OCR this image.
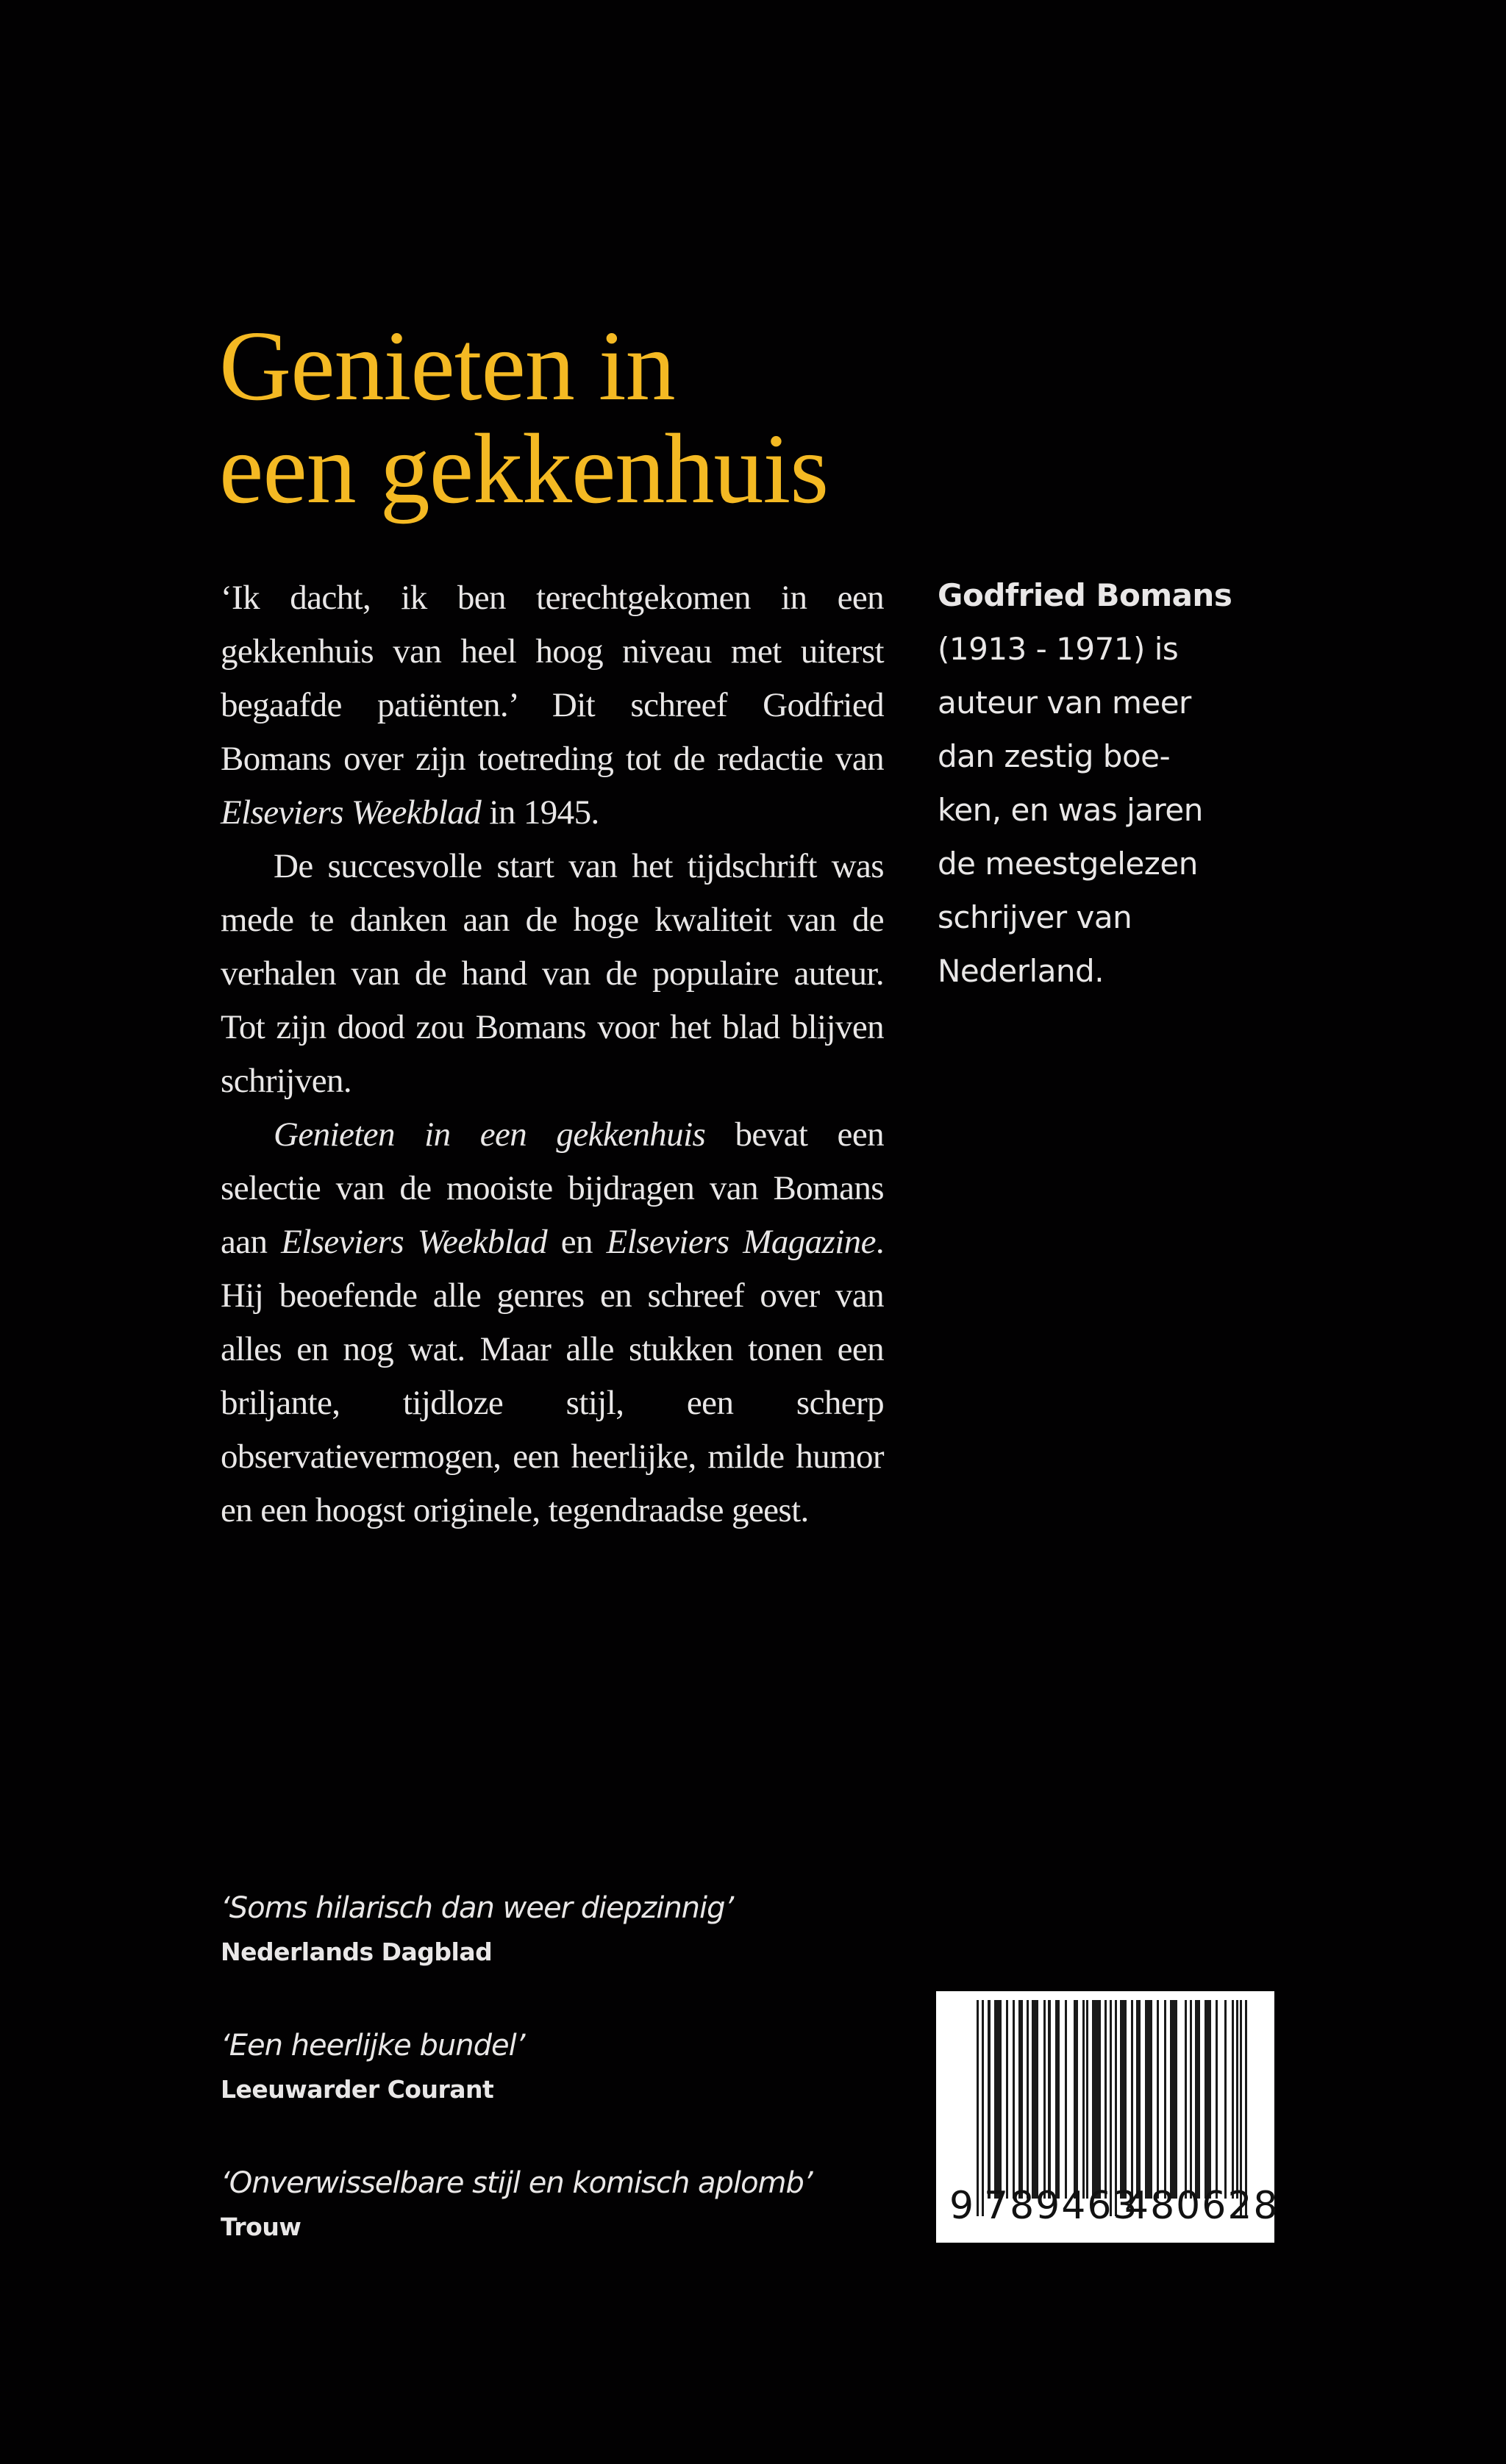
Genieten in
een gekkenhuis

‘Ik dacht, ik ben terechtgekomen in een gekkenhuis van heel hoog niveau met uiterst begaafde patiënten.’ Dit schreef Godfried Bomans over zijn toetreding tot de redactie van Elseviers Weekblad in 1945.

De succesvolle start van het tijdschrift was mede te danken aan de hoge kwaliteit van de verhalen van de hand van de populaire auteur. Tot zijn dood zou Bomans voor het blad blijven schrijven.

Genieten in een gekkenhuis bevat een selectie van de mooiste bijdragen van Bomans aan Elseviers Weekblad en Elseviers Magazine. Hij beoefende alle genres en schreef over van alles en nog wat. Maar alle stukken tonen een briljante, tijdloze stijl, een scherp observatievermogen, een heerlijke, milde humor en een hoogst originele, tegendraadse geest.

Godfried Bomans
(1913 - 1971) is
auteur van meer
dan zestig boe-
ken, en was jaren
de meestgelezen
schrijver van
Nederland.
‘Soms hilarisch dan weer diepzinnig’
Nederlands Dagblad
‘Een heerlijke bundel’
Leeuwarder Courant
‘Onverwisselbare stijl en komisch aplomb’
Trouw	9 789463
480628
